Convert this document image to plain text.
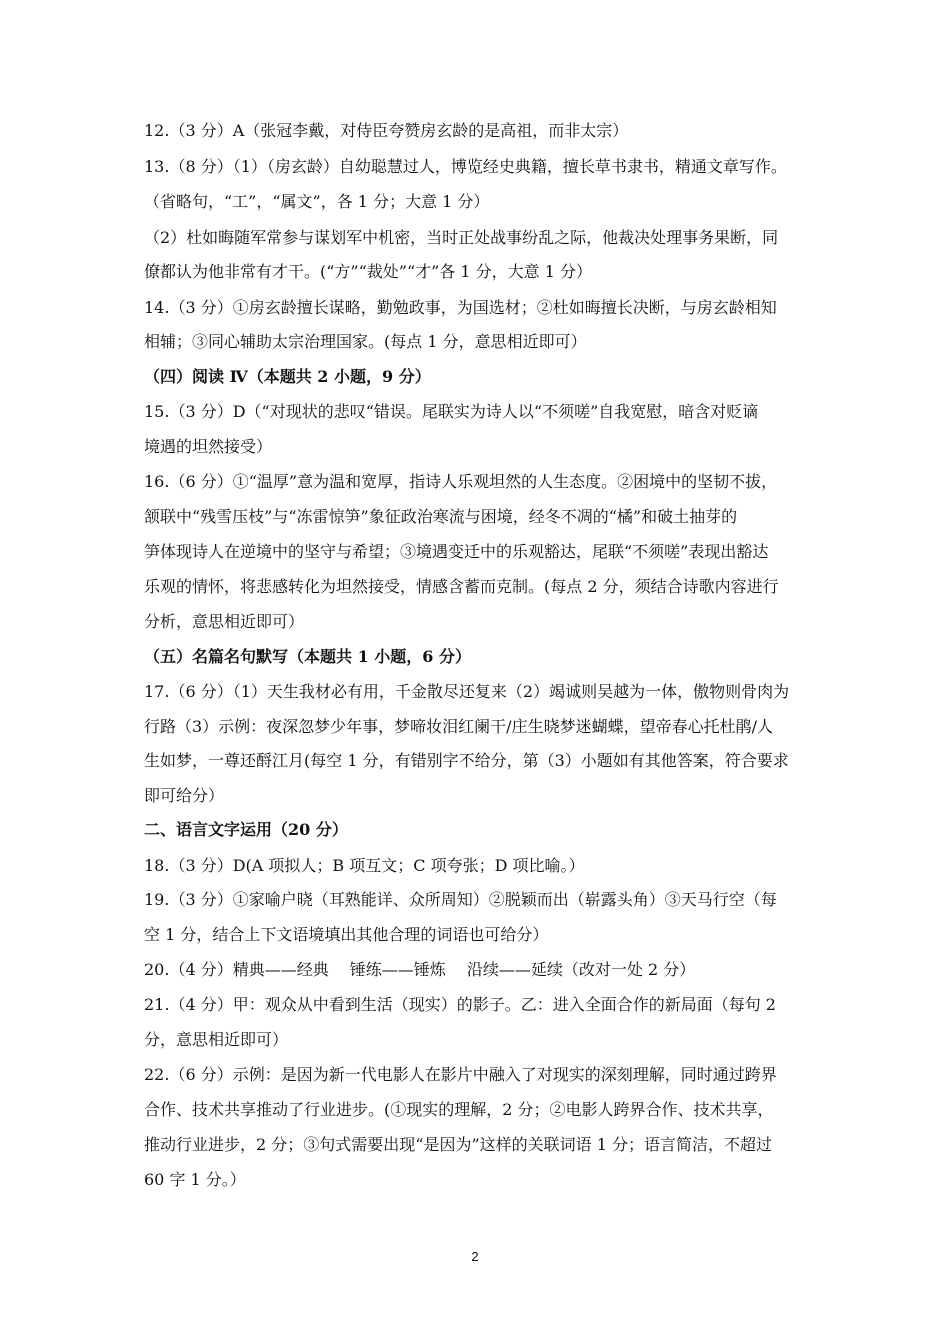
12.（3 分）A（张冠李戴，对侍臣夸赞房玄龄的是高祖，而非太宗）
13.（8 分）（1）（房玄龄）自幼聪慧过人，博览经史典籍，擅长草书隶书，精通文章写作。
（省略句，“工”，“属文”，各 1 分；大意 1 分）
（2）杜如晦随军常参与谋划军中机密，当时正处战事纷乱之际，他裁决处理事务果断，同
僚都认为他非常有才干。(“方”“裁处”“才”各 1 分，大意 1 分）
14.（3 分）①房玄龄擅长谋略，勤勉政事，为国选材；②杜如晦擅长决断，与房玄龄相知
相辅；③同心辅助太宗治理国家。(每点 1 分，意思相近即可）
（四）阅读 Ⅳ（本题共 2 小题，9 分）
15.（3 分）D（“对现状的悲叹“错误。尾联实为诗人以“不须嗟”自我宽慰，暗含对贬谪
境遇的坦然接受）
16.（6 分）①“温厚”意为温和宽厚，指诗人乐观坦然的人生态度。②困境中的坚韧不拔，
颔联中“残雪压枝”与“冻雷惊笋”象征政治寒流与困境，经冬不凋的“橘”和破土抽芽的
笋体现诗人在逆境中的坚守与希望；③境遇变迁中的乐观豁达，尾联“不须嗟”表现出豁达
乐观的情怀，将悲感转化为坦然接受，情感含蓄而克制。(每点 2 分，须结合诗歌内容进行
分析，意思相近即可）
（五）名篇名句默写（本题共 1 小题，6 分）
17.（6 分）（1）天生我材必有用，千金散尽还复来（2）竭诚则吴越为一体，傲物则骨肉为
行路（3）示例：夜深忽梦少年事，梦啼妆泪红阑干/庄生晓梦迷蝴蝶，望帝春心托杜鹃/人
生如梦，一尊还酹江月(每空 1 分，有错别字不给分，第（3）小题如有其他答案，符合要求
即可给分）
二、语言文字运用（20 分）
18.（3 分）D(A 项拟人；B 项互文；C 项夸张；D 项比喻。）
19.（3 分）①家喻户晓（耳熟能详、众所周知）②脱颖而出（崭露头角）③天马行空（每
空 1 分，结合上下文语境填出其他合理的词语也可给分）
20.（4 分）精典——经典　 锤练——锤炼　 沿续——延续（改对一处 2 分）
21.（4 分）甲：观众从中看到生活（现实）的影子。乙：进入全面合作的新局面（每句 2
分，意思相近即可）
22.（6 分）示例：是因为新一代电影人在影片中融入了对现实的深刻理解，同时通过跨界
合作、技术共享推动了行业进步。(①现实的理解，2 分；②电影人跨界合作、技术共享，
推动行业进步，2 分；③句式需要出现“是因为”这样的关联词语 1 分；语言简洁，不超过
60 字 1 分。）
2
